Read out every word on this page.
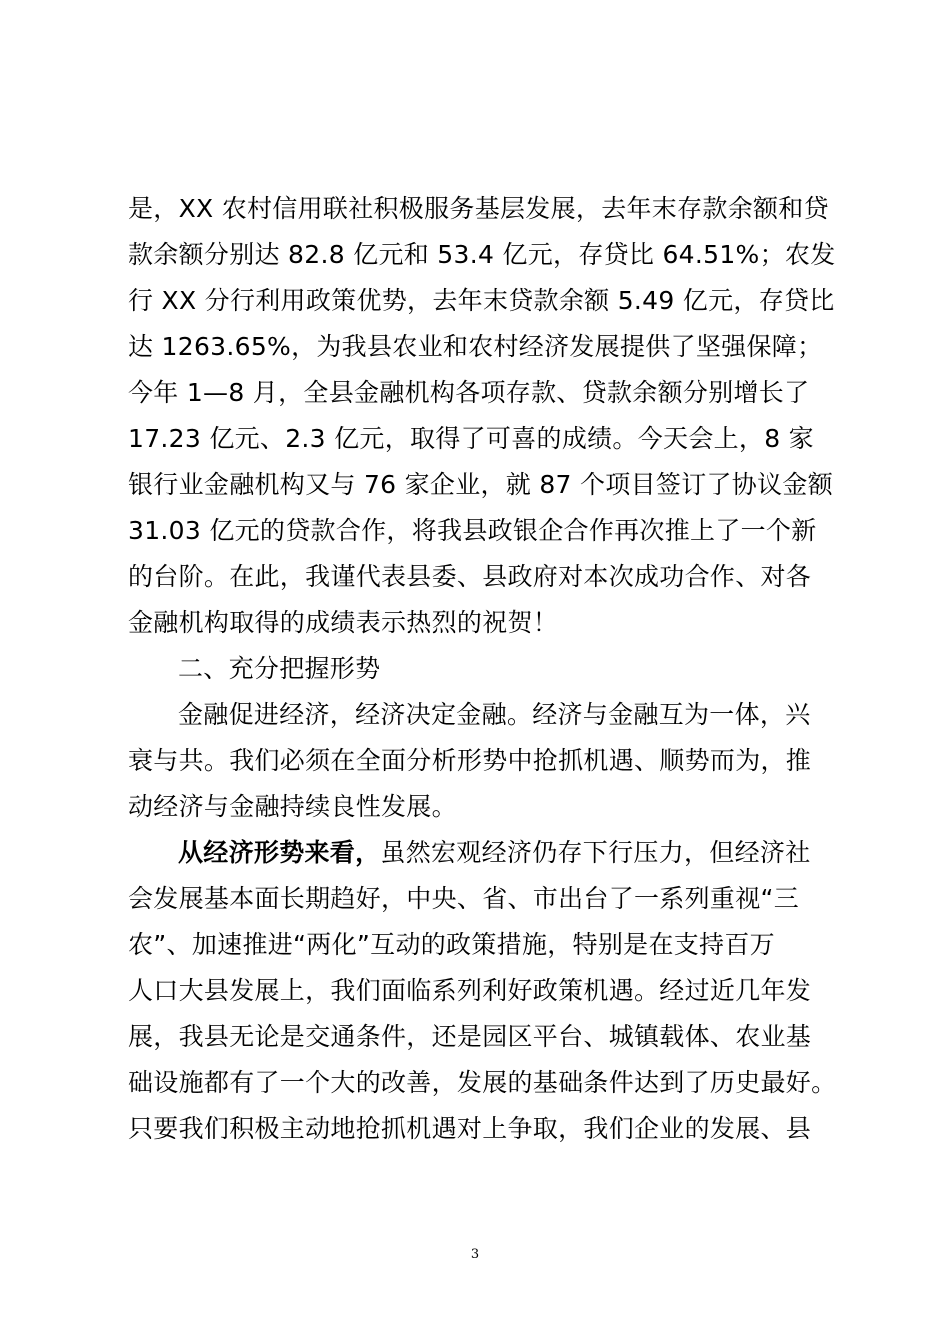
是，XX 农村信用联社积极服务基层发展，去年末存款余额和贷
款余额分别达 82.8 亿元和 53.4 亿元，存贷比 64.51%；农发
行 XX 分行利用政策优势，去年末贷款余额 5.49 亿元，存贷比
达 1263.65%，为我县农业和农村经济发展提供了坚强保障；
今年 1—8 月，全县金融机构各项存款、贷款余额分别增长了
17.23 亿元、2.3 亿元，取得了可喜的成绩。今天会上，8 家
银行业金融机构又与 76 家企业，就 87 个项目签订了协议金额
31.03 亿元的贷款合作，将我县政银企合作再次推上了一个新
的台阶。在此，我谨代表县委、县政府对本次成功合作、对各
金融机构取得的成绩表示热烈的祝贺！
二、充分把握形势
金融促进经济，经济决定金融。经济与金融互为一体，兴
衰与共。我们必须在全面分析形势中抢抓机遇、顺势而为，推
动经济与金融持续良性发展。
从经济形势来看，虽然宏观经济仍存下行压力，但经济社
会发展基本面长期趋好，中央、省、市出台了一系列重视“三
农”、加速推进“两化”互动的政策措施，特别是在支持百万
人口大县发展上，我们面临系列利好政策机遇。经过近几年发
展，我县无论是交通条件，还是园区平台、城镇载体、农业基
础设施都有了一个大的改善，发展的基础条件达到了历史最好。
只要我们积极主动地抢抓机遇对上争取，我们企业的发展、县
3
